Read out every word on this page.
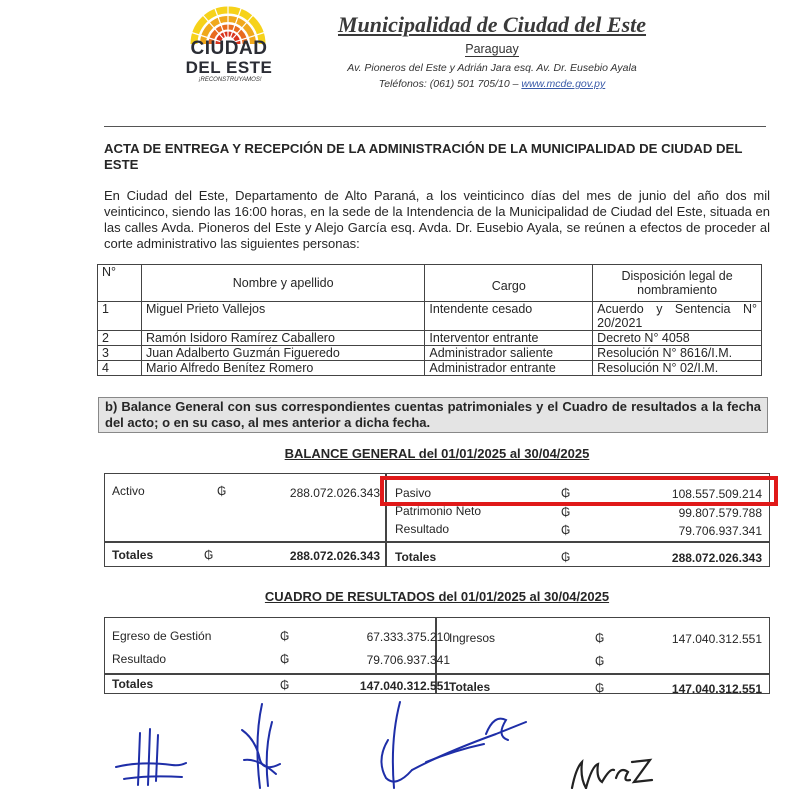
CIUDAD
DEL ESTE
¡RECONSTRUYAMOS!
Municipalidad de Ciudad del Este
Paraguay
Av. Pioneros del Este y Adrián Jara esq. Av. Dr. Eusebio Ayala
Teléfonos: (061) 501 705/10 – www.mcde.gov.py
ACTA DE ENTREGA Y RECEPCIÓN DE LA ADMINISTRACIÓN DE LA MUNICIPALIDAD DE CIUDAD DEL ESTE
En Ciudad del Este, Departamento de Alto Paraná, a los veinticinco días del mes de junio del año dos mil veinticinco, siendo las 16:00 horas, en la sede de la Intendencia de la Municipalidad de Ciudad del Este, situada en las calles Avda. Pioneros del Este y Alejo García esq. Avda. Dr. Eusebio Ayala, se reúnen a efectos de proceder al corte administrativo las siguientes personas:
N°	Nombre y apellido	Cargo	Disposición legal de nombramiento
1	Miguel Prieto Vallejos	Intendente cesado	Acuerdo y Sentencia N° 20/2021
2	Ramón Isidoro Ramírez Caballero	Interventor entrante	Decreto N° 4058
3	Juan Adalberto Guzmán Figueredo	Administrador saliente	Resolución N° 8616/I.M.
4	Mario Alfredo Benítez Romero	Administrador entrante	Resolución N° 02/I.M.
b) Balance General con sus correspondientes cuentas patrimoniales y el Cuadro de resultados a la fecha del acto; o en su caso, al mes anterior a dicha fecha.
BALANCE GENERAL del 01/01/2025 al 30/04/2025
Activo	₲	288.072.026.343 Pasivo	₲	108.557.509.214
Patrimonio Neto	₲	99.807.579.788
Resultado	₲	79.706.937.341
Totales	₲	288.072.026.343 Totales	₲	288.072.026.343
CUADRO DE RESULTADOS del 01/01/2025 al 30/04/2025
Egreso de Gestión	₲	67.333.375.210
Resultado	₲	79.706.937.341
Ingresos	₲	147.040.312.551
₲
Totales	₲	147.040.312.551 Totales	₲	147.040.312.551
